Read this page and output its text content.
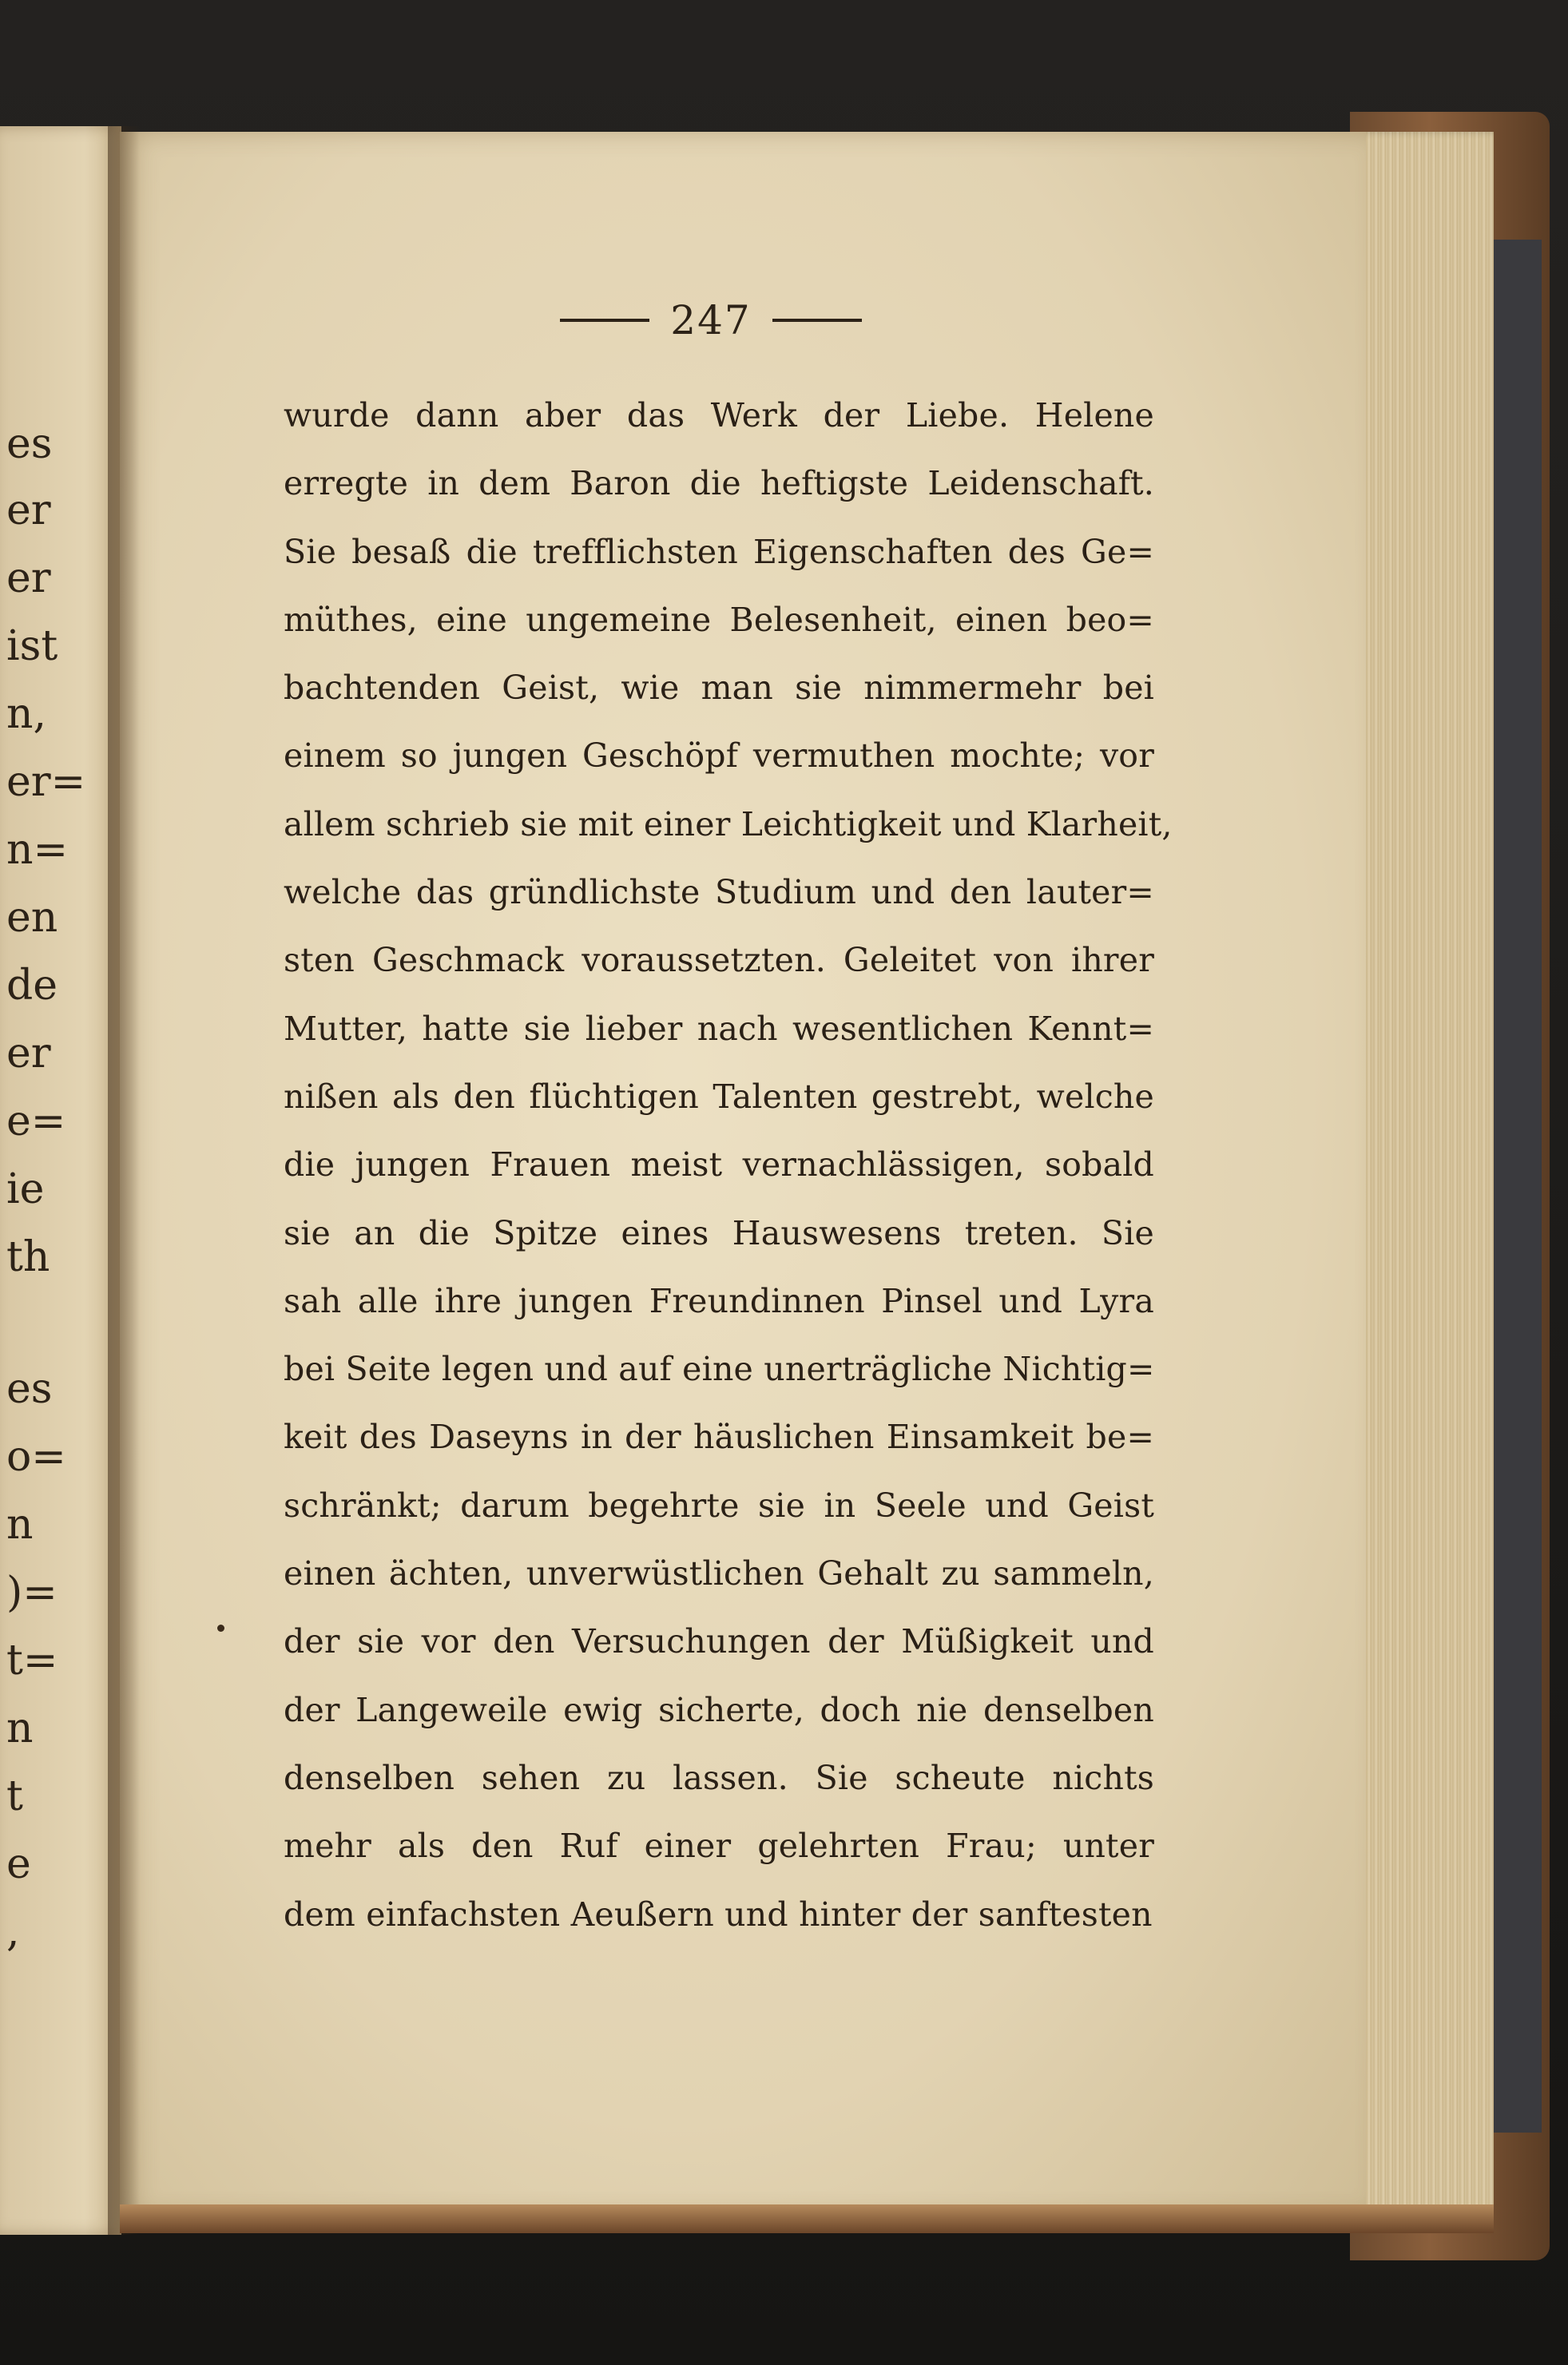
es
er
er
ist
n,
er=
n=
en
de
er
e=
ie
th
es
o=
n
)=
t=
n
t
e
,
247
wurde dann aber das Werk der Liebe. Helene
erregte in dem Baron die heftigste Leidenschaft.
Sie besaß die trefflichsten Eigenschaften des Ge=
müthes, eine ungemeine Belesenheit, einen beo=
bachtenden Geist, wie man sie nimmermehr bei
einem so jungen Geschöpf vermuthen mochte; vor
allem schrieb sie mit einer Leichtigkeit und Klarheit,
welche das gründlichste Studium und den lauter=
sten Geschmack voraussetzten. Geleitet von ihrer
Mutter, hatte sie lieber nach wesentlichen Kennt=
nißen als den flüchtigen Talenten gestrebt, welche
die jungen Frauen meist vernachlässigen, sobald
sie an die Spitze eines Hauswesens treten. Sie
sah alle ihre jungen Freundinnen Pinsel und Lyra
bei Seite legen und auf eine unerträgliche Nichtig=
keit des Daseyns in der häuslichen Einsamkeit be=
schränkt; darum begehrte sie in Seele und Geist
einen ächten, unverwüstlichen Gehalt zu sammeln,
der sie vor den Versuchungen der Müßigkeit und
der Langeweile ewig sicherte, doch nie denselben
denselben sehen zu lassen. Sie scheute nichts
mehr als den Ruf einer gelehrten Frau; unter
dem einfachsten Aeußern und hinter der sanftesten
